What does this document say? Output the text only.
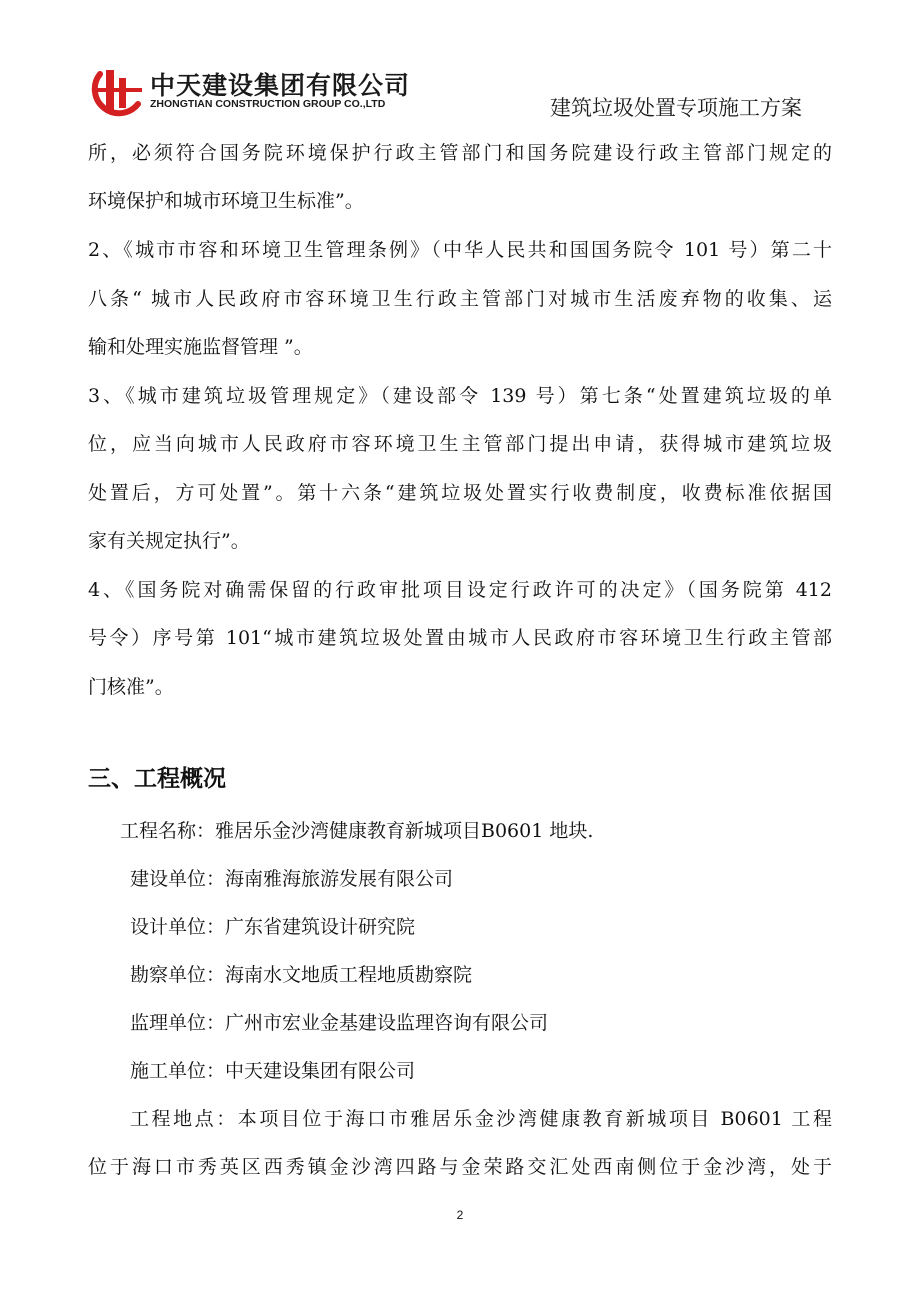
中天建设集团有限公司
ZHONGTIAN CONSTRUCTION GROUP CO.,LTD	建筑垃圾处置专项施工方案
所，必须符合国务院环境保护行政主管部门和国务院建设行政主管部门规定的
环境保护和城市环境卫生标准”。
2、《城市市容和环境卫生管理条例》（中华人民共和国国务院令 101 号）第二十
八条“ 城市人民政府市容环境卫生行政主管部门对城市生活废弃物的收集、运
输和处理实施监督管理 ”。
3、《城市建筑垃圾管理规定》（建设部令 139 号）第七条“处置建筑垃圾的单
位，应当向城市人民政府市容环境卫生主管部门提出申请，获得城市建筑垃圾
处置后，方可处置”。第十六条“建筑垃圾处置实行收费制度，收费标准依据国
家有关规定执行”。
4、《国务院对确需保留的行政审批项目设定行政许可的决定》（国务院第 412
号令）序号第 101“城市建筑垃圾处置由城市人民政府市容环境卫生行政主管部
门核准”。
三、工程概况
工程名称：雅居乐金沙湾健康教育新城项目B0601 地块.
建设单位：海南雅海旅游发展有限公司
设计单位：广东省建筑设计研究院
勘察单位：海南水文地质工程地质勘察院
监理单位：广州市宏业金基建设监理咨询有限公司
施工单位：中天建设集团有限公司
工程地点：本项目位于海口市雅居乐金沙湾健康教育新城项目 B0601 工程
位于海口市秀英区西秀镇金沙湾四路与金荣路交汇处西南侧位于金沙湾，处于
2
